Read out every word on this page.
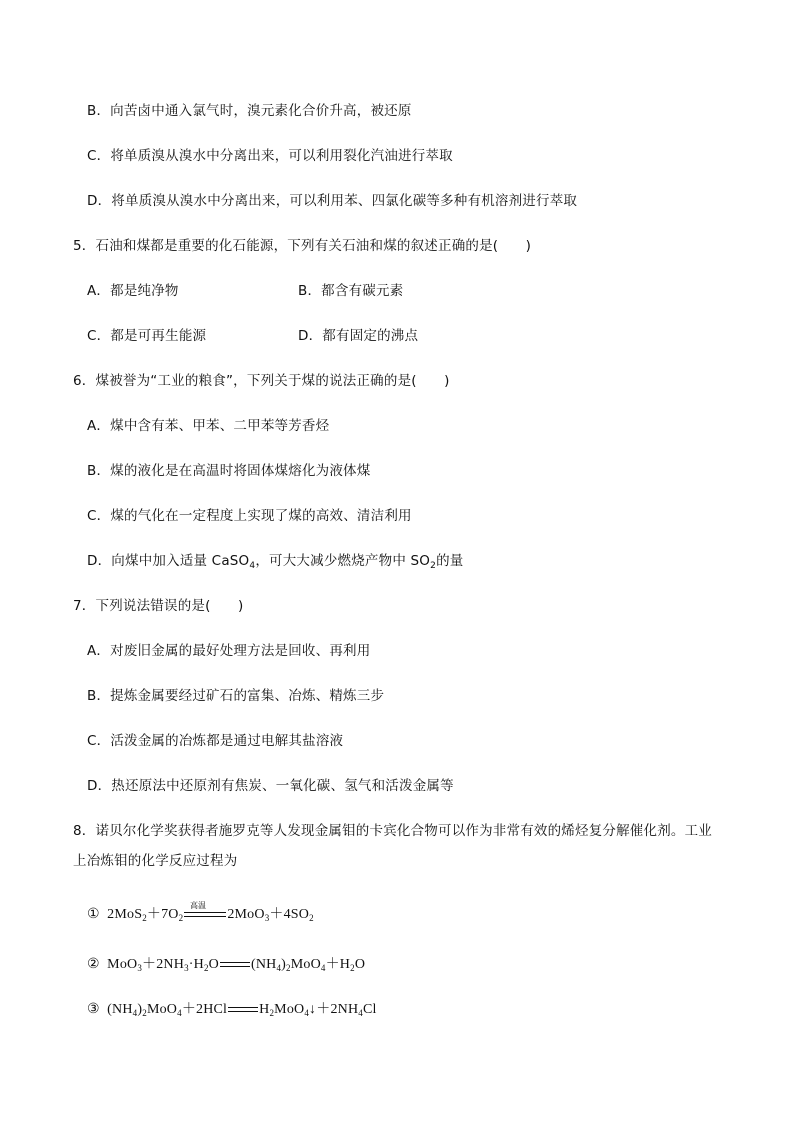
B．向苦卤中通入氯气时，溴元素化合价升高，被还原
C．将单质溴从溴水中分离出来，可以利用裂化汽油进行萃取
D．将单质溴从溴水中分离出来，可以利用苯、四氯化碳等多种有机溶剂进行萃取
5．石油和煤都是重要的化石能源，下列有关石油和煤的叙述正确的是(　　)
A．都是纯净物	B．都含有碳元素
C．都是可再生能源	D．都有固定的沸点
6．煤被誉为“工业的粮食”，下列关于煤的说法正确的是(　　)
A．煤中含有苯、甲苯、二甲苯等芳香烃
B．煤的液化是在高温时将固体煤熔化为液体煤
C．煤的气化在一定程度上实现了煤的高效、清洁利用
D．向煤中加入适量 CaSO$_4$，可大大减少燃烧产物中 $SO_2$的量
7．下列说法错误的是(　　)
A．对废旧金属的最好处理方法是回收、再利用
B．提炼金属要经过矿石的富集、冶炼、精炼三步
C．活泼金属的冶炼都是通过电解其盐溶液
D．热还原法中还原剂有焦炭、一氧化碳、氢气和活泼金属等
8．诺贝尔化学奖获得者施罗克等人发现金属钼的卡宾化合物可以作为非常有效的烯烃复分解催化剂。工业
上冶炼钼的化学反应过程为
①  $2MoS_2+7O_2$	$2MoO_3+4SO_2$
高温
②  $MoO_3+2NH_3\cdot H_2O$ $(NH_4)_2MoO_4+H_2O$
③  $(NH_4)_2MoO_4+2HCl$ $H_2MoO_4↓+2NH_4Cl$
